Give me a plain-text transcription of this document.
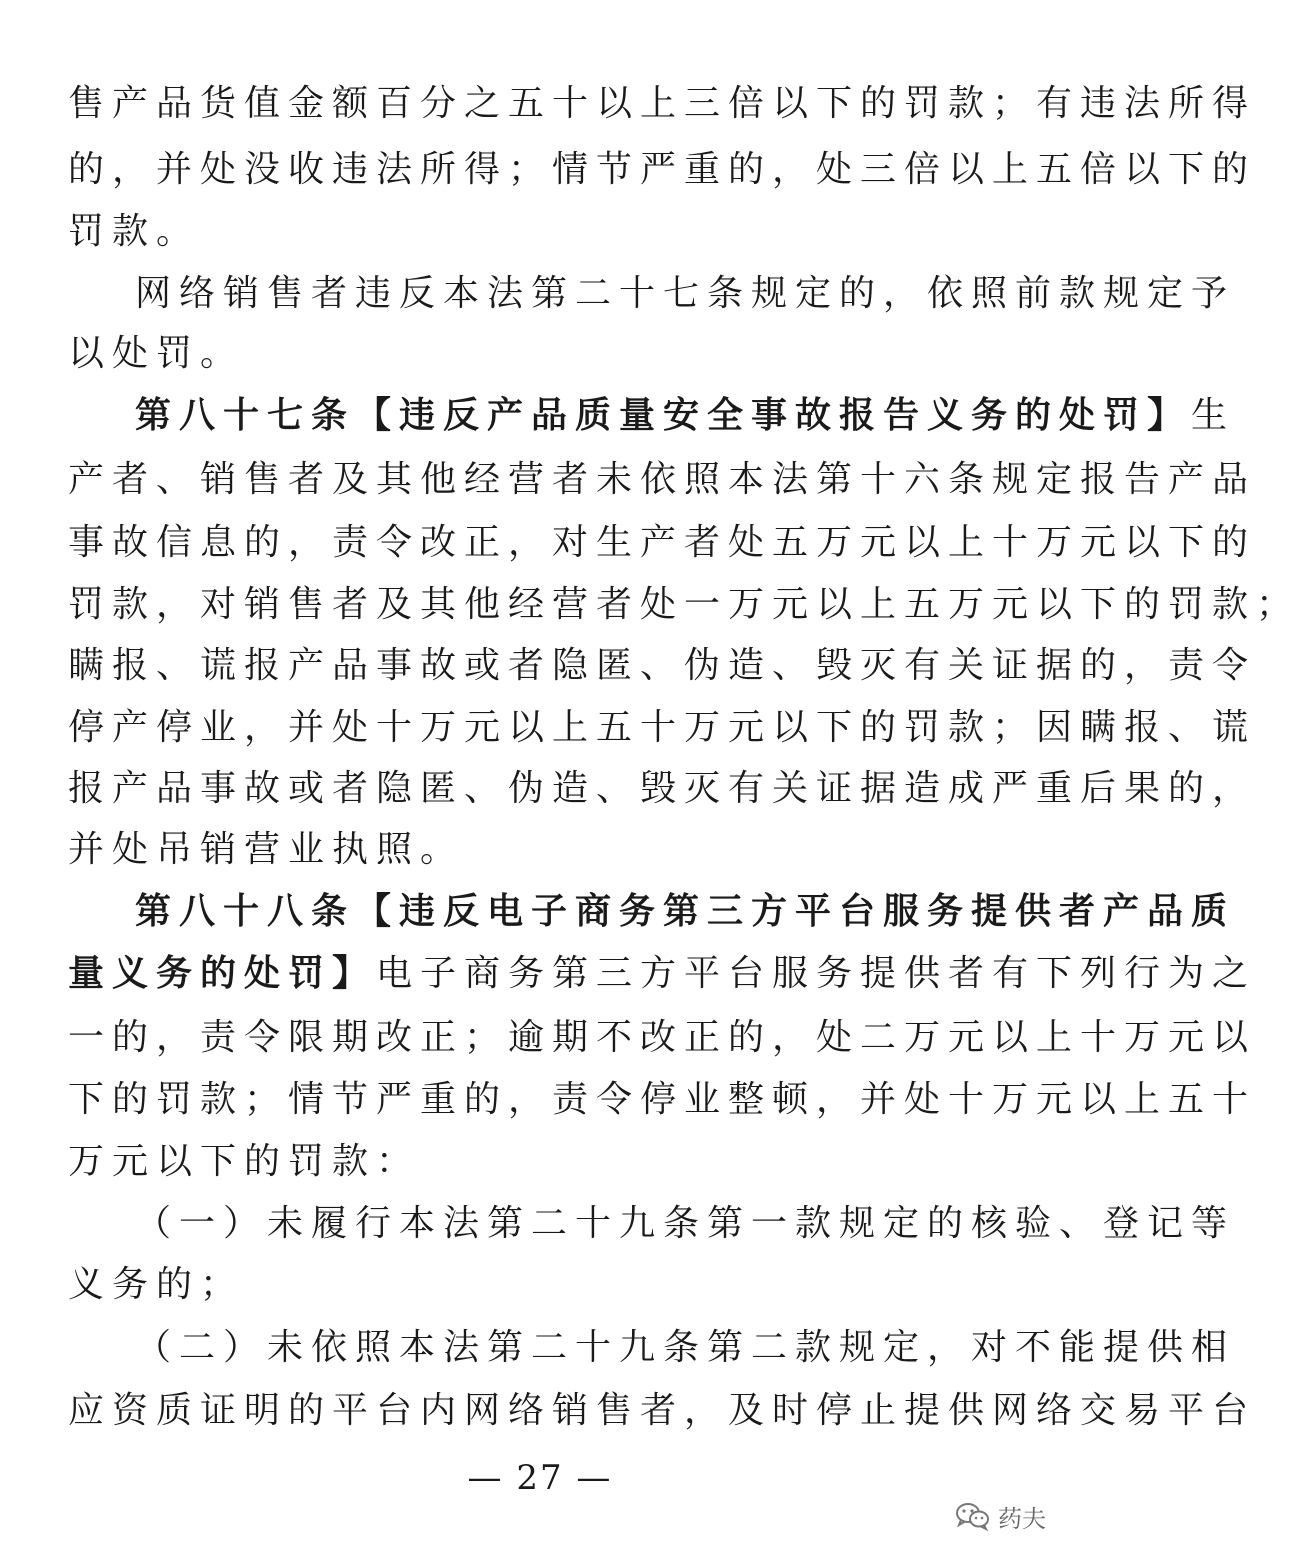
售产品货值金额百分之五十以上三倍以下的罚款；有违法所得
的，并处没收违法所得；情节严重的，处三倍以上五倍以下的
罚款。
网络销售者违反本法第二十七条规定的，依照前款规定予
以处罚。
第八十七条【违反产品质量安全事故报告义务的处罚】生
产者、销售者及其他经营者未依照本法第十六条规定报告产品
事故信息的，责令改正，对生产者处五万元以上十万元以下的
罚款，对销售者及其他经营者处一万元以上五万元以下的罚款；
瞒报、谎报产品事故或者隐匿、伪造、毁灭有关证据的，责令
停产停业，并处十万元以上五十万元以下的罚款；因瞒报、谎
报产品事故或者隐匿、伪造、毁灭有关证据造成严重后果的，
并处吊销营业执照。
第八十八条【违反电子商务第三方平台服务提供者产品质
量义务的处罚】电子商务第三方平台服务提供者有下列行为之
一的，责令限期改正；逾期不改正的，处二万元以上十万元以
下的罚款；情节严重的，责令停业整顿，并处十万元以上五十
万元以下的罚款：
（一）未履行本法第二十九条第一款规定的核验、登记等
义务的；
（二）未依照本法第二十九条第二款规定，对不能提供相
应资质证明的平台内网络销售者，及时停止提供网络交易平台
— 27 —
药夫
